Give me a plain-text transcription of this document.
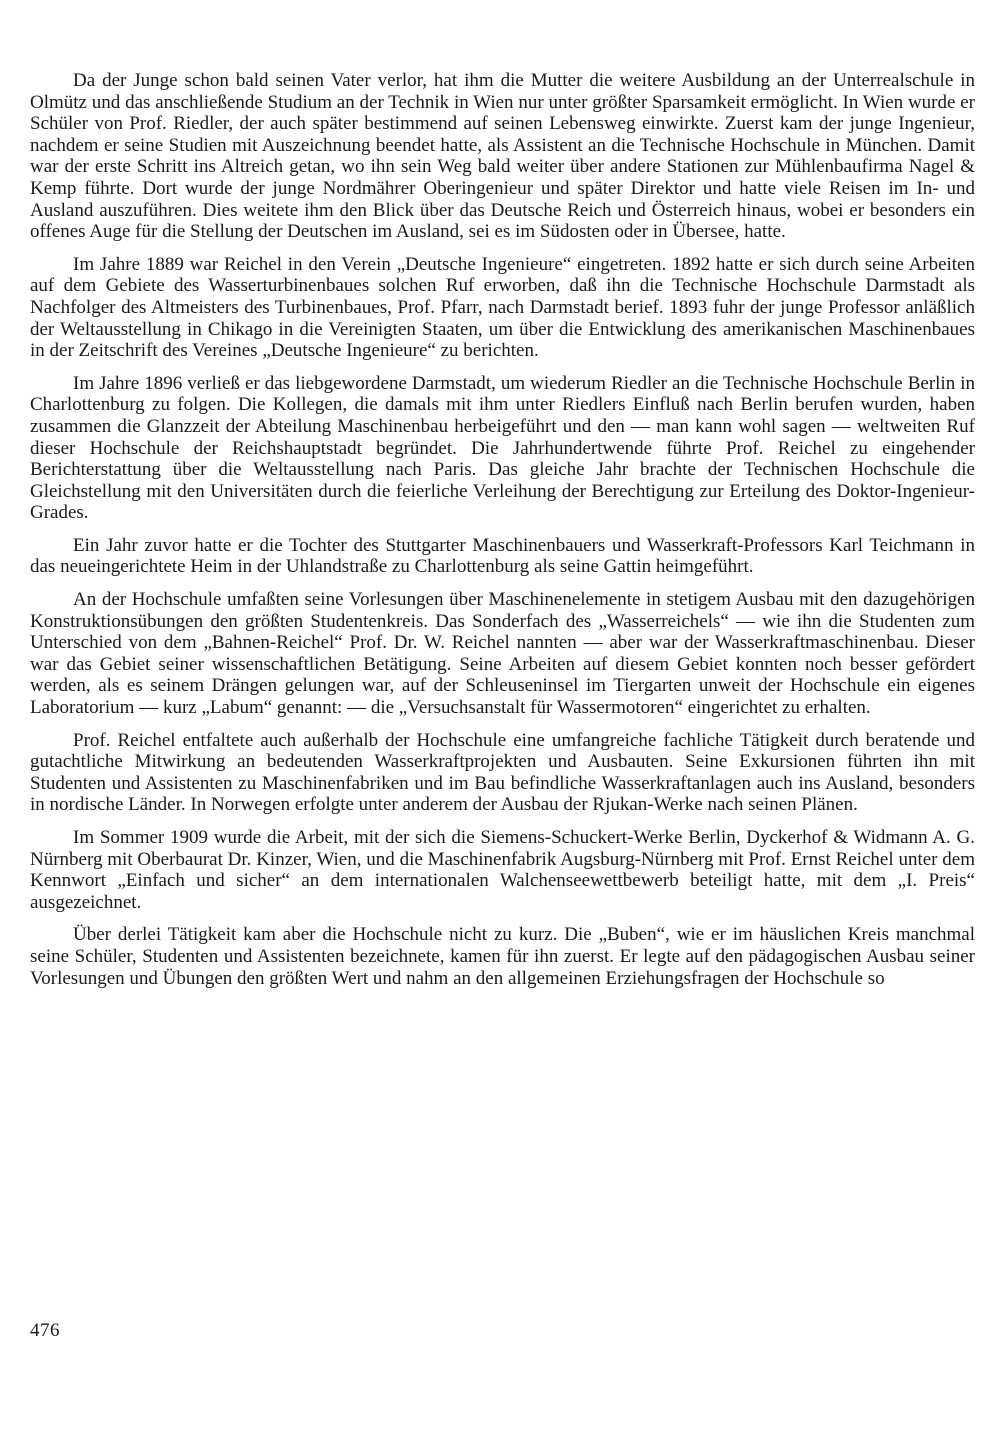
Da der Junge schon bald seinen Vater verlor, hat ihm die Mutter die weitere Ausbildung an der Unterrealschule in Olmütz und das anschließende Studium an der Technik in Wien nur unter größter Sparsamkeit ermöglicht. In Wien wurde er Schüler von Prof. Riedler, der auch später bestimmend auf seinen Lebensweg einwirkte. Zuerst kam der junge Ingenieur, nachdem er seine Studien mit Auszeichnung beendet hatte, als Assistent an die Technische Hochschule in München. Damit war der erste Schritt ins Altreich getan, wo ihn sein Weg bald weiter über andere Stationen zur Mühlenbaufirma Nagel & Kemp führte. Dort wurde der junge Nordmährer Oberingenieur und später Direktor und hatte viele Reisen im In- und Ausland auszuführen. Dies weitete ihm den Blick über das Deutsche Reich und Österreich hinaus, wobei er besonders ein offenes Auge für die Stellung der Deutschen im Ausland, sei es im Südosten oder in Übersee, hatte.

Im Jahre 1889 war Reichel in den Verein „Deutsche Ingenieure“ eingetreten. 1892 hatte er sich durch seine Arbeiten auf dem Gebiete des Wasserturbinenbaues solchen Ruf erworben, daß ihn die Technische Hochschule Darmstadt als Nachfolger des Altmeisters des Turbinenbaues, Prof. Pfarr, nach Darmstadt berief. 1893 fuhr der junge Professor anläßlich der Weltausstellung in Chikago in die Vereinigten Staaten, um über die Entwicklung des amerikanischen Maschinenbaues in der Zeitschrift des Vereines „Deutsche Ingenieure“ zu berichten.

Im Jahre 1896 verließ er das liebgewordene Darmstadt, um wiederum Riedler an die Technische Hochschule Berlin in Charlottenburg zu folgen. Die Kollegen, die damals mit ihm unter Riedlers Einfluß nach Berlin berufen wurden, haben zusammen die Glanzzeit der Abteilung Maschinenbau herbeigeführt und den — man kann wohl sagen — weltweiten Ruf dieser Hochschule der Reichshauptstadt begründet. Die Jahrhundertwende führte Prof. Reichel zu eingehender Berichterstattung über die Weltausstellung nach Paris. Das gleiche Jahr brachte der Technischen Hochschule die Gleichstellung mit den Universitäten durch die feierliche Verleihung der Berechtigung zur Erteilung des Doktor-Ingenieur-Grades.

Ein Jahr zuvor hatte er die Tochter des Stuttgarter Maschinenbauers und Wasserkraft-Professors Karl Teichmann in das neueingerichtete Heim in der Uhlandstraße zu Charlottenburg als seine Gattin heimgeführt.

An der Hochschule umfaßten seine Vorlesungen über Maschinenelemente in stetigem Ausbau mit den dazugehörigen Konstruktionsübungen den größten Studentenkreis. Das Sonderfach des „Wasserreichels“ — wie ihn die Studenten zum Unterschied von dem „Bahnen-Reichel“ Prof. Dr. W. Reichel nannten — aber war der Wasserkraftmaschinenbau. Dieser war das Gebiet seiner wissenschaftlichen Betätigung. Seine Arbeiten auf diesem Gebiet konnten noch besser gefördert werden, als es seinem Drängen gelungen war, auf der Schleuseninsel im Tiergarten unweit der Hochschule ein eigenes Laboratorium — kurz „Labum“ genannt: — die „Versuchsanstalt für Wassermotoren“ eingerichtet zu erhalten.

Prof. Reichel entfaltete auch außerhalb der Hochschule eine umfangreiche fachliche Tätigkeit durch beratende und gutachtliche Mitwirkung an bedeutenden Wasserkraftprojekten und Ausbauten. Seine Exkursionen führten ihn mit Studenten und Assistenten zu Maschinenfabriken und im Bau befindliche Wasserkraftanlagen auch ins Ausland, besonders in nordische Länder. In Norwegen erfolgte unter anderem der Ausbau der Rjukan-Werke nach seinen Plänen.

Im Sommer 1909 wurde die Arbeit, mit der sich die Siemens-Schuckert-Werke Berlin, Dyckerhof & Widmann A. G. Nürnberg mit Oberbaurat Dr. Kinzer, Wien, und die Maschinenfabrik Augsburg-Nürnberg mit Prof. Ernst Reichel unter dem Kennwort „Einfach und sicher“ an dem internationalen Walchenseewettbewerb beteiligt hatte, mit dem „I. Preis“ ausgezeichnet.

Über derlei Tätigkeit kam aber die Hochschule nicht zu kurz. Die „Buben“, wie er im häuslichen Kreis manchmal seine Schüler, Studenten und Assistenten bezeichnete, kamen für ihn zuerst. Er legte auf den pädagogischen Ausbau seiner Vorlesungen und Übungen den größten Wert und nahm an den allgemeinen Erziehungsfragen der Hochschule so

476
